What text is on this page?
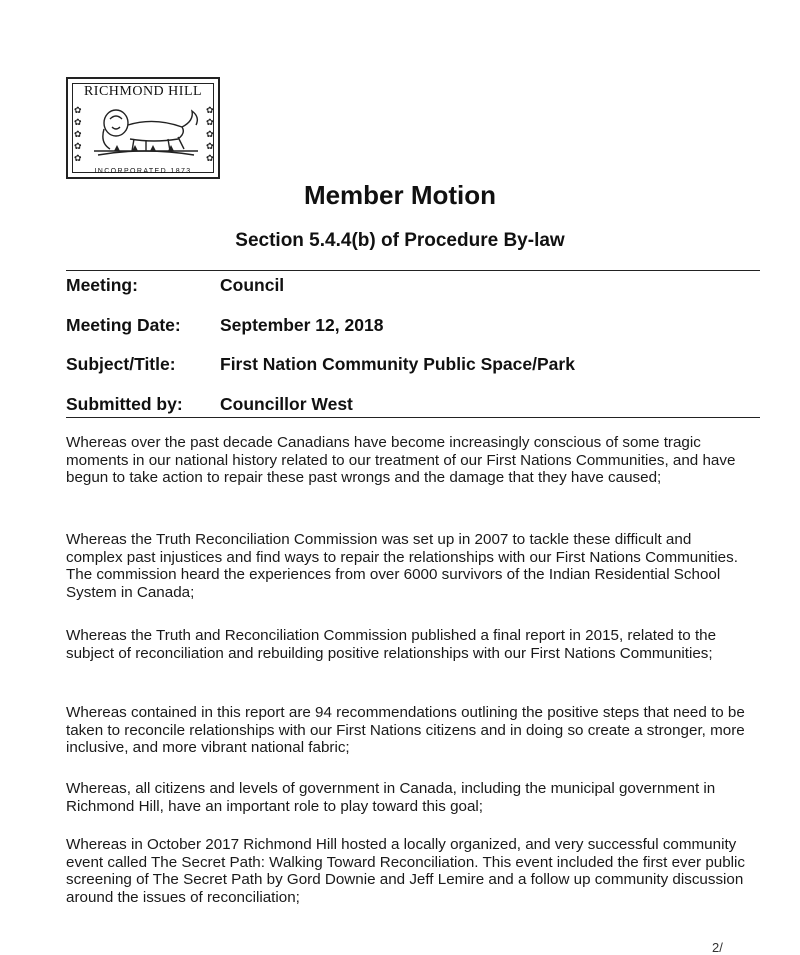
RICHMOND HILL
✿
✿
✿
✿
✿
✿
✿
✿
✿
✿
INCORPORATED 1873
Member Motion
Section 5.4.4(b) of Procedure By-law
Meeting:	Council
Meeting Date: September 12, 2018
Subject/Title:	First Nation Community Public Space/Park
Submitted by: Councillor West

Whereas over the past decade Canadians have become increasingly conscious of some tragic moments in our national history related to our treatment of our First Nations Communities, and have begun to take action to repair these past wrongs and the damage that they have caused;

Whereas the Truth Reconciliation Commission was set up in 2007 to tackle these difficult and complex past injustices and find ways to repair the relationships with our First Nations Communities. The commission heard the experiences from over 6000 survivors of the Indian Residential School System in Canada;

Whereas the Truth and Reconciliation Commission published a final report in 2015, related to the subject of reconciliation and rebuilding positive relationships with our First Nations Communities;

Whereas contained in this report are 94 recommendations outlining the positive steps that need to be taken to reconcile relationships with our First Nations citizens and in doing so create a stronger, more inclusive, and more vibrant national fabric;

Whereas, all citizens and levels of government in Canada, including the municipal government in Richmond Hill, have an important role to play toward this goal;

Whereas in October 2017 Richmond Hill hosted a locally organized, and very successful community event called The Secret Path: Walking Toward Reconciliation. This event included the first ever public screening of The Secret Path by Gord Downie and Jeff Lemire and a follow up community discussion around the issues of reconciliation;

2/
